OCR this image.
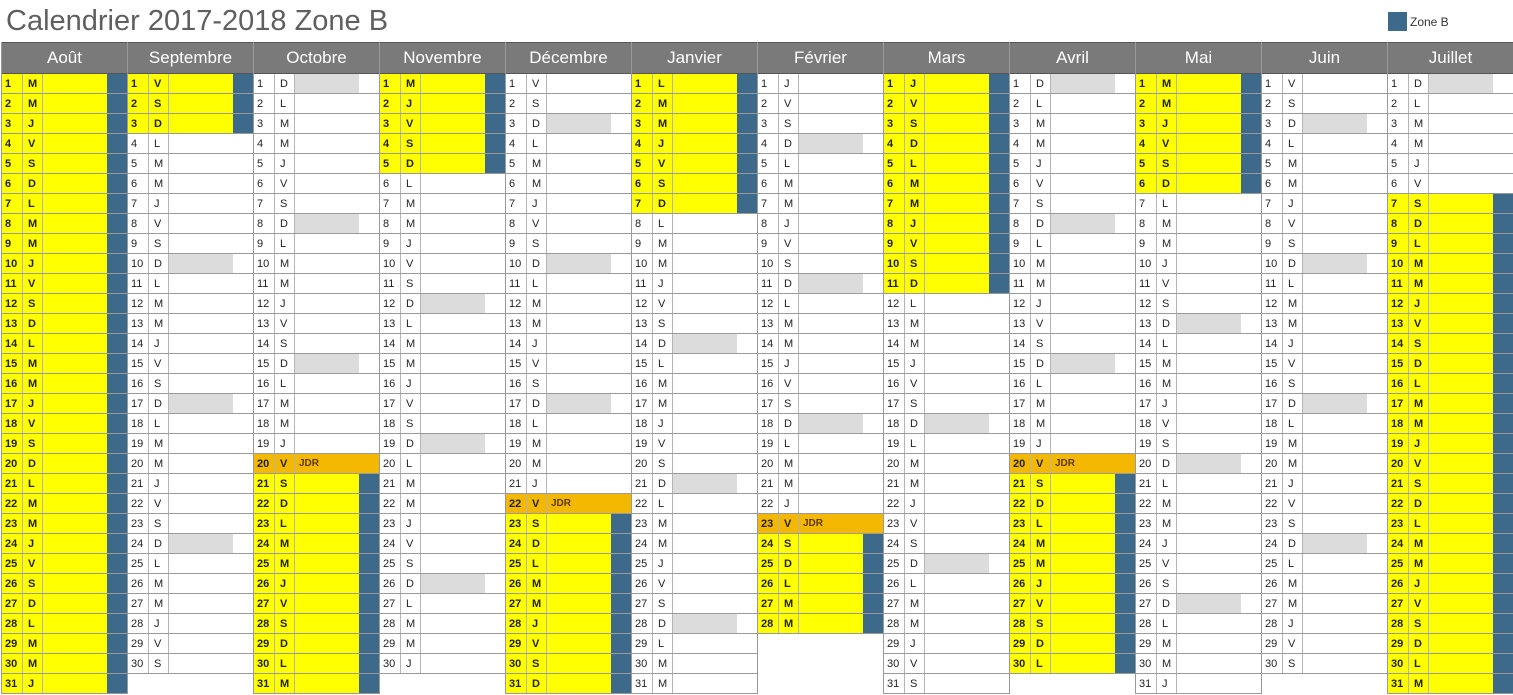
Calendrier 2017-2018 Zone B	Zone B
Août
1	M
2	M
3	J
4	V
5	S
6	D
7	L
8	M
9	M
10 J
11	V
12 S
13 D
14 L
15 M
16 M
17 J
18 V
19 S
20 D
21 L
22 M
23 M
24 J
25 V
26 S
27 D
28 L
29 M
30 M
31 J
Septembre
1	V
2	S
3	D
4	L
5	M
6	M
7	J
8	V
9	S
10 D
11	L
12 M
13 M
14 J
15 V
16 S
17 D
18 L
19 M
20 M
21 J
22 V
23 S
24 D
25 L
26 M
27 M
28 J
29 V
30 S
Octobre
1	D
2	L
3	M
4	M
5	J
6	V
7	S
8	D
9	L
10 M
11	M
12 J
13 V
14 S
15 D
16 L
17 M
18 M
19 J
20 V	JDR
21 S
22 D
23 L
24 M
25 M
26 J
27 V
28 S
29 D
30 L
31 M
Novembre
1	M
2	J
3	V
4	S
5	D
6	L
7	M
8	M
9	J
10 V
11	S
12 D
13 L
14 M
15 M
16 J
17 V
18 S
19 D
20 L
21 M
22 M
23 J
24 V
25 S
26 D
27 L
28 M
29 M
30 J
Décembre
1	V
2	S
3	D
4	L
5	M
6	M
7	J
8	V
9	S
10 D
11	L
12 M
13 M
14 J
15 V
16 S
17 D
18 L
19 M
20 M
21 J
22 V	JDR
23 S
24 D
25 L
26 M
27 M
28 J
29 V
30 S
31 D
Janvier
1	L
2	M
3	M
4	J
5	V
6	S
7	D
8	L
9	M
10 M
11	J
12 V
13 S
14 D
15 L
16 M
17 M
18 J
19 V
20 S
21 D
22 L
23 M
24 M
25 J
26 V
27 S
28 D
29 L
30 M
31 M
Février
1	J
2	V
3	S
4	D
5	L
6	M
7	M
8	J
9	V
10 S
11	D
12 L
13 M
14 M
15 J
16 V
17 S
18 D
19 L
20 M
21 M
22 J
23 V	JDR
24 S
25 D
26 L
27 M
28 M
Mars
1	J
2	V
3	S
4	D
5	L
6	M
7	M
8	J
9	V
10 S
11	D
12 L
13 M
14 M
15 J
16 V
17 S
18 D
19 L
20 M
21 M
22 J
23 V
24 S
25 D
26 L
27 M
28 M
29 J
30 V
31 S
Avril
1	D
2	L
3	M
4	M
5	J
6	V
7	S
8	D
9	L
10 M
11	M
12 J
13 V
14 S
15 D
16 L
17 M
18 M
19 J
20 V	JDR
21 S
22 D
23 L
24 M
25 M
26 J
27 V
28 S
29 D
30 L
Mai
1	M
2	M
3	J
4	V
5	S
6	D
7	L
8	M
9	M
10 J
11	V
12 S
13 D
14 L
15 M
16 M
17 J
18 V
19 S
20 D
21 L
22 M
23 M
24 J
25 V
26 S
27 D
28 L
29 M
30 M
31 J
Juin
1	V
2	S
3	D
4	L
5	M
6	M
7	J
8	V
9	S
10 D
11	L
12 M
13 M
14 J
15 V
16 S
17 D
18 L
19 M
20 M
21 J
22 V
23 S
24 D
25 L
26 M
27 M
28 J
29 V
30 S
Juillet
1	D
2	L
3	M
4	M
5	J
6	V
7	S
8	D
9	L
10 M
11	M
12 J
13 V
14 S
15 D
16 L
17 M
18 M
19 J
20 V
21 S
22 D
23 L
24 M
25 M
26 J
27 V
28 S
29 D
30 L
31 M
